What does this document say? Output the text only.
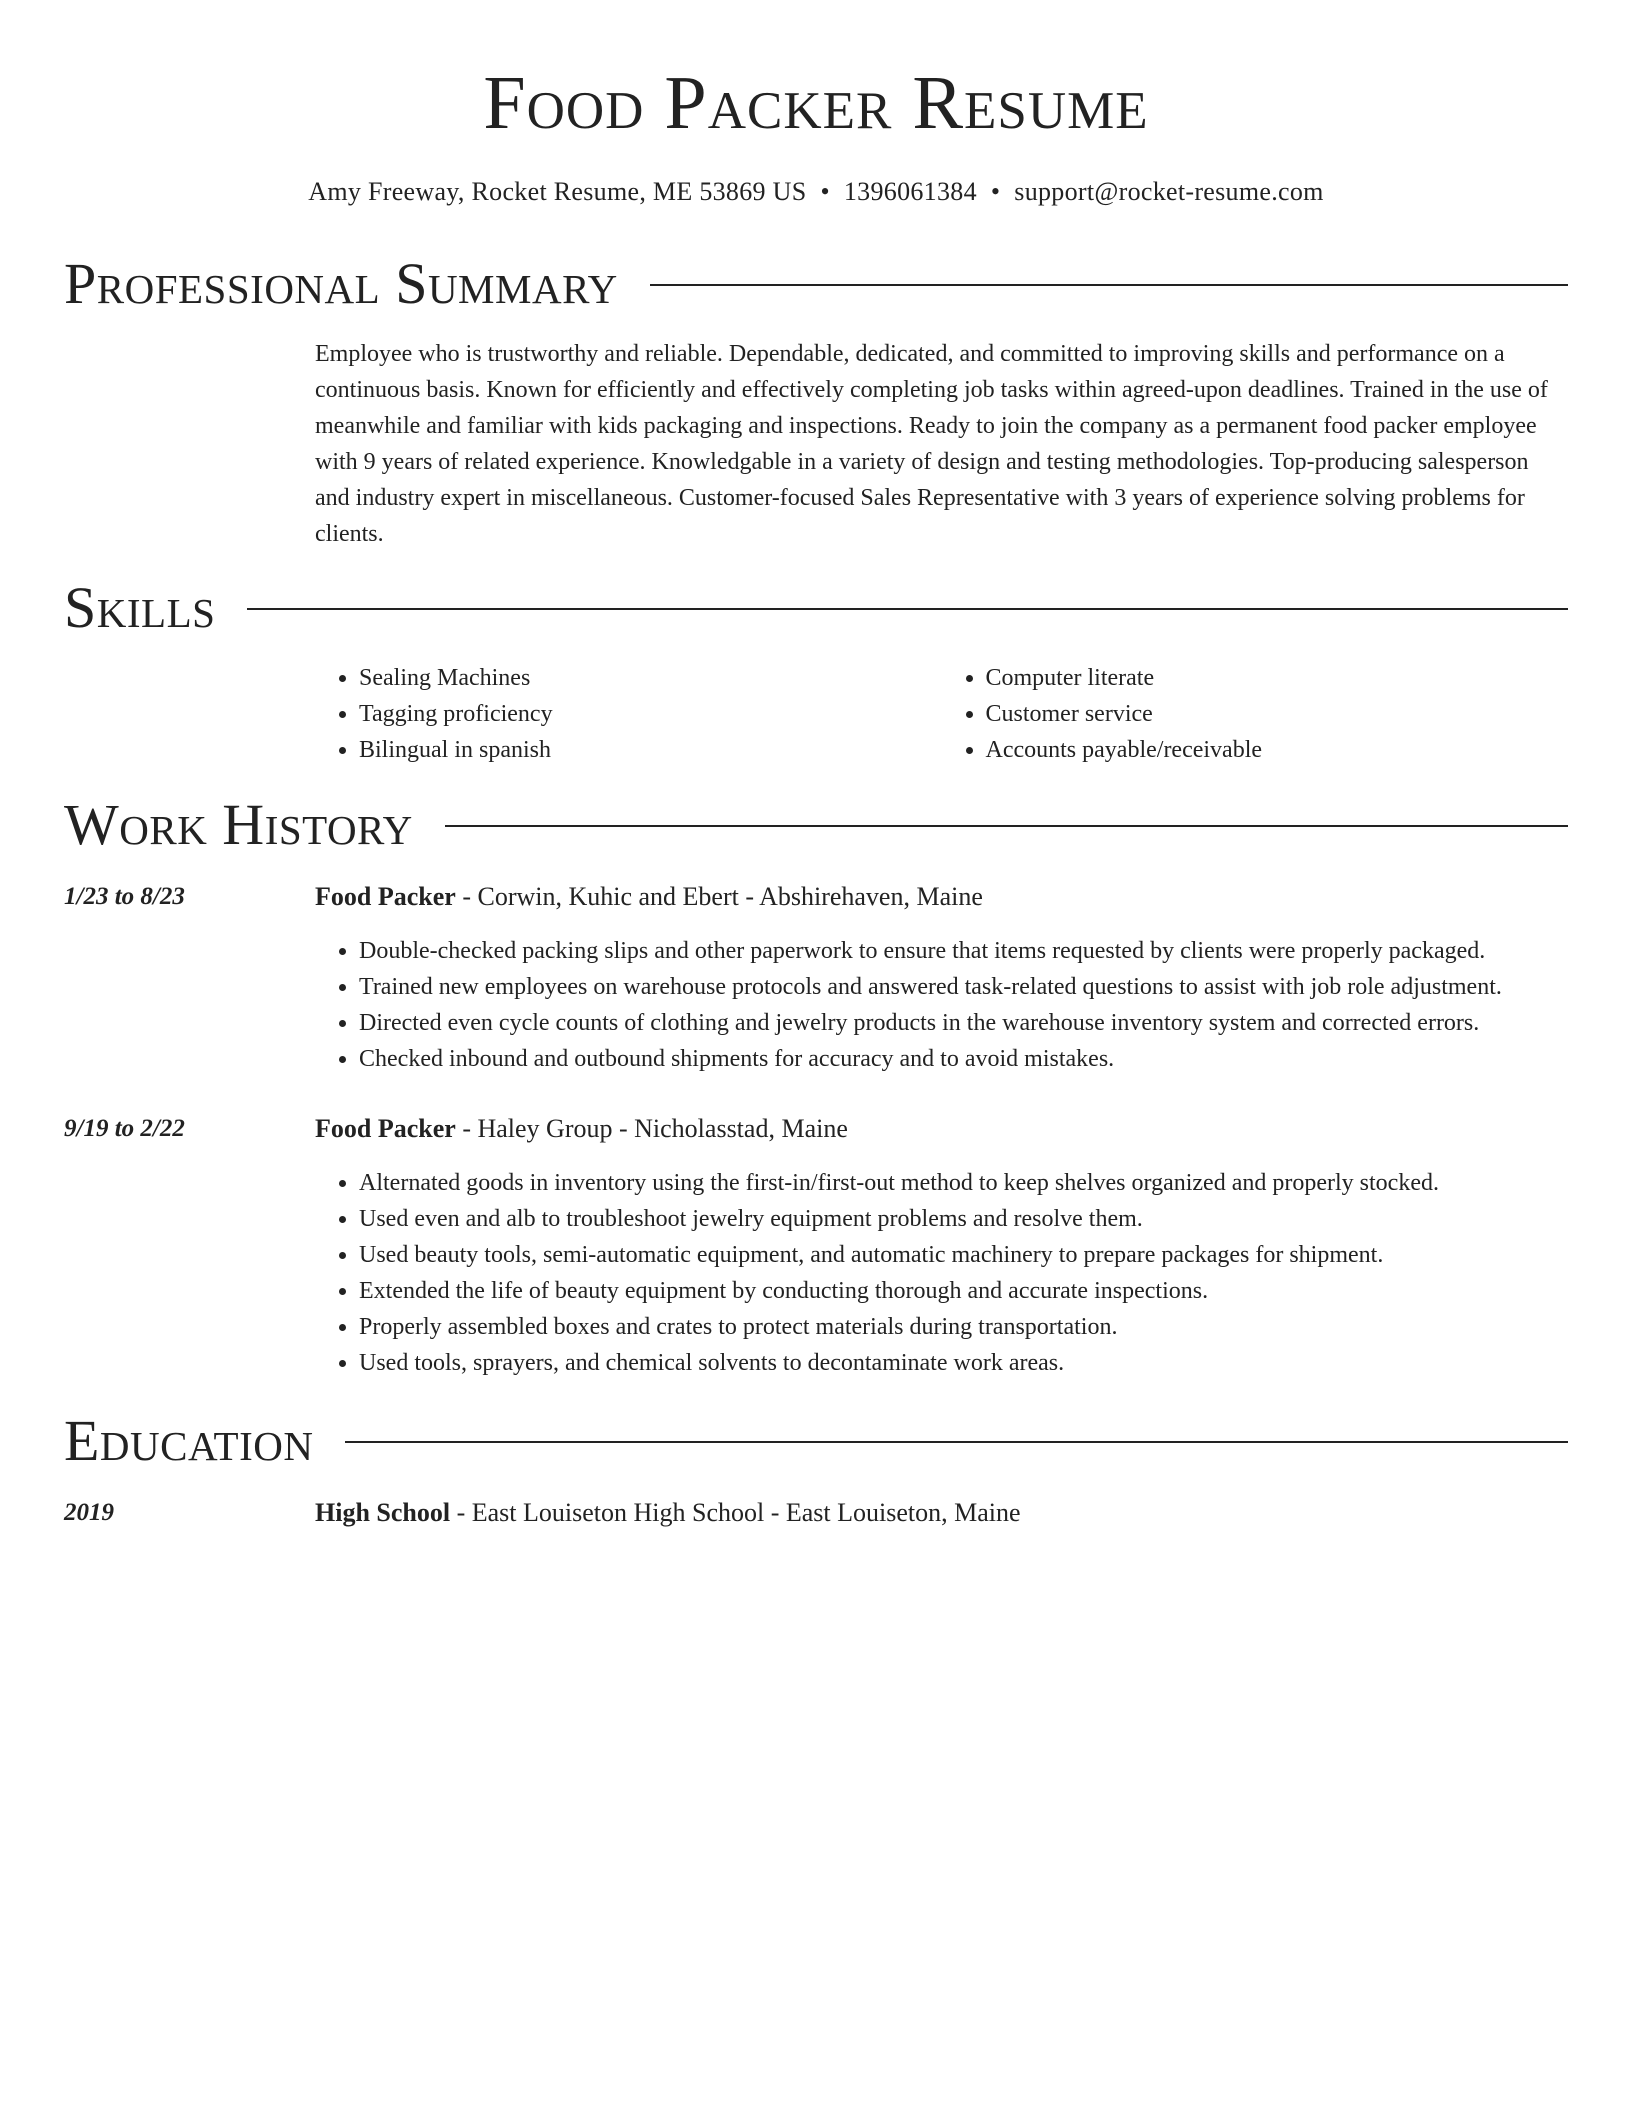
Food Packer Resume
Amy Freeway, Rocket Resume, ME 53869 US • 1396061384 • support@rocket-resume.com
Professional Summary

Employee who is trustworthy and reliable. Dependable, dedicated, and committed to improving skills and performance on a continuous basis. Known for efficiently and effectively completing job tasks within agreed-upon deadlines. Trained in the use of meanwhile and familiar with kids packaging and inspections. Ready to join the company as a permanent food packer employee with 9 years of related experience. Knowledgable in a variety of design and testing methodologies. Top-producing salesperson and industry expert in miscellaneous. Customer-focused Sales Representative with 3 years of experience solving problems for clients.

Skills
• Sealing Machines
• Tagging proficiency
• Bilingual in spanish
• Computer literate
• Customer service
• Accounts payable/receivable
Work History
1/23 to 8/23	Food Packer - Corwin, Kuhic and Ebert - Abshirehaven, Maine
• Double-checked packing slips and other paperwork to ensure that items requested by clients were properly packaged.
• Trained new employees on warehouse protocols and answered task-related questions to assist with job role adjustment.
• Directed even cycle counts of clothing and jewelry products in the warehouse inventory system and corrected errors.
• Checked inbound and outbound shipments for accuracy and to avoid mistakes.
9/19 to 2/22	Food Packer - Haley Group - Nicholasstad, Maine
• Alternated goods in inventory using the first-in/first-out method to keep shelves organized and properly stocked.
• Used even and alb to troubleshoot jewelry equipment problems and resolve them.
• Used beauty tools, semi-automatic equipment, and automatic machinery to prepare packages for shipment.
• Extended the life of beauty equipment by conducting thorough and accurate inspections.
• Properly assembled boxes and crates to protect materials during transportation.
• Used tools, sprayers, and chemical solvents to decontaminate work areas.
Education
2019	High School - East Louiseton High School - East Louiseton, Maine
